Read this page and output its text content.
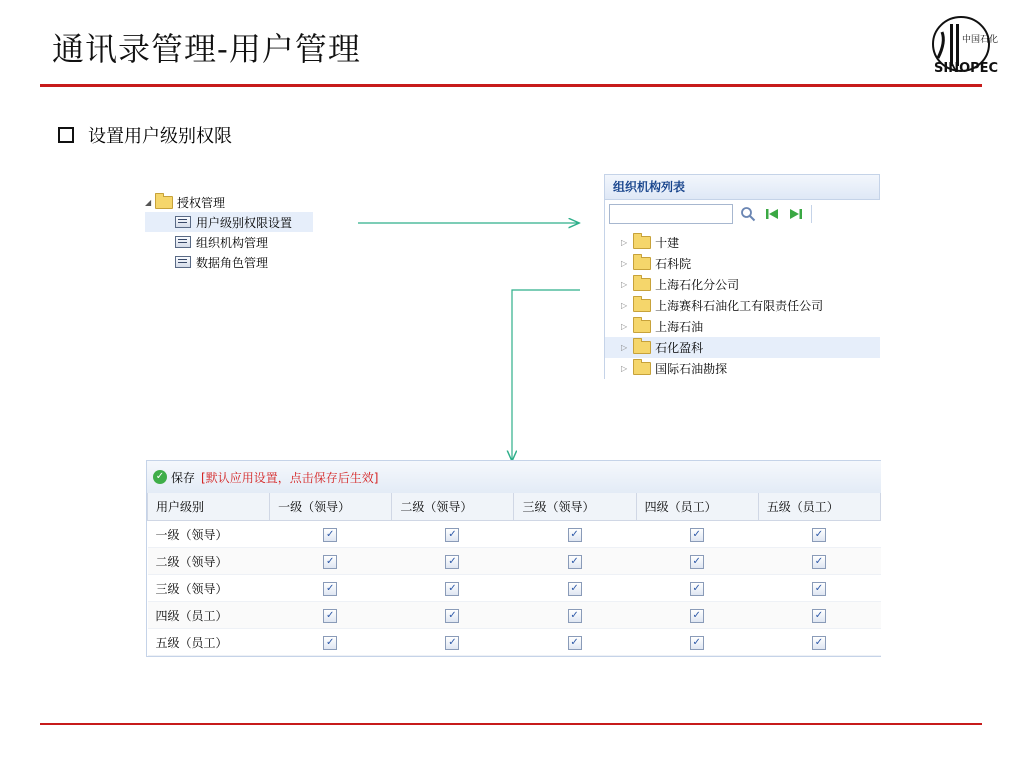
通讯录管理-用户管理	中国石化
SINOPEC
设置用户级别权限
◢ 授权管理
用户级别权限设置
组织机构管理
数据角色管理
组织机构列表
▷ 十建
▷ 石科院
▷ 上海石化分公司
▷ 上海赛科石油化工有限责任公司
▷ 上海石油
▷ 石化盈科
▷ 国际石油勘探
✓ 保存 [默认应用设置，点击保存后生效]
用户级别	一级（领导）	二级（领导）	三级（领导）	四级（员工）	五级（员工）
一级（领导）	✓	✓	✓	✓	✓
二级（领导）	✓	✓	✓	✓	✓
三级（领导）	✓	✓	✓	✓	✓
四级（员工）	✓	✓	✓	✓	✓
五级（员工）	✓	✓	✓	✓	✓
